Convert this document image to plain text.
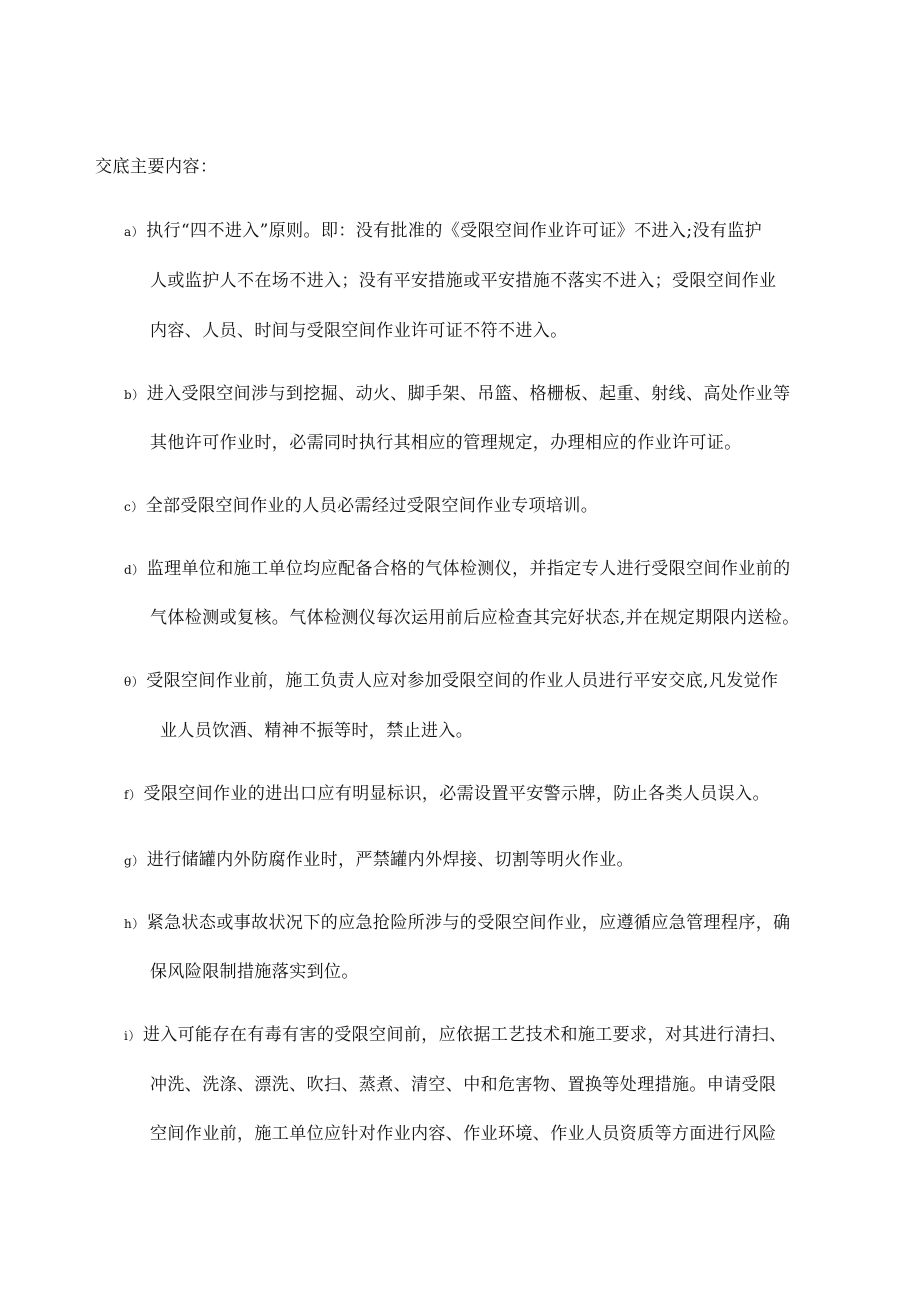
交底主要内容：
a） 执行“四不进入”原则。即：没有批准的《受限空间作业许可证》不进入;没有监护
人或监护人不在场不进入；没有平安措施或平安措施不落实不进入；受限空间作业
内容、人员、时间与受限空间作业许可证不符不进入。
b） 进入受限空间涉与到挖掘、动火、脚手架、吊篮、格栅板、起重、射线、高处作业等
其他许可作业时，必需同时执行其相应的管理规定，办理相应的作业许可证。
c） 全部受限空间作业的人员必需经过受限空间作业专项培训。
d） 监理单位和施工单位均应配备合格的气体检测仪，并指定专人进行受限空间作业前的
气体检测或复核。气体检测仪每次运用前后应检查其完好状态,并在规定期限内送检。
θ） 受限空间作业前，施工负责人应对参加受限空间的作业人员进行平安交底,凡发觉作
业人员饮酒、精神不振等时，禁止进入。
f） 受限空间作业的进出口应有明显标识，必需设置平安警示牌，防止各类人员误入。
g） 进行储罐内外防腐作业时，严禁罐内外焊接、切割等明火作业。
h） 紧急状态或事故状况下的应急抢险所涉与的受限空间作业，应遵循应急管理程序，确
保风险限制措施落实到位。
i） 进入可能存在有毒有害的受限空间前，应依据工艺技术和施工要求，对其进行清扫、
冲洗、洗涤、漂洗、吹扫、蒸煮、清空、中和危害物、置换等处理措施。申请受限
空间作业前，施工单位应针对作业内容、作业环境、作业人员资质等方面进行风险
